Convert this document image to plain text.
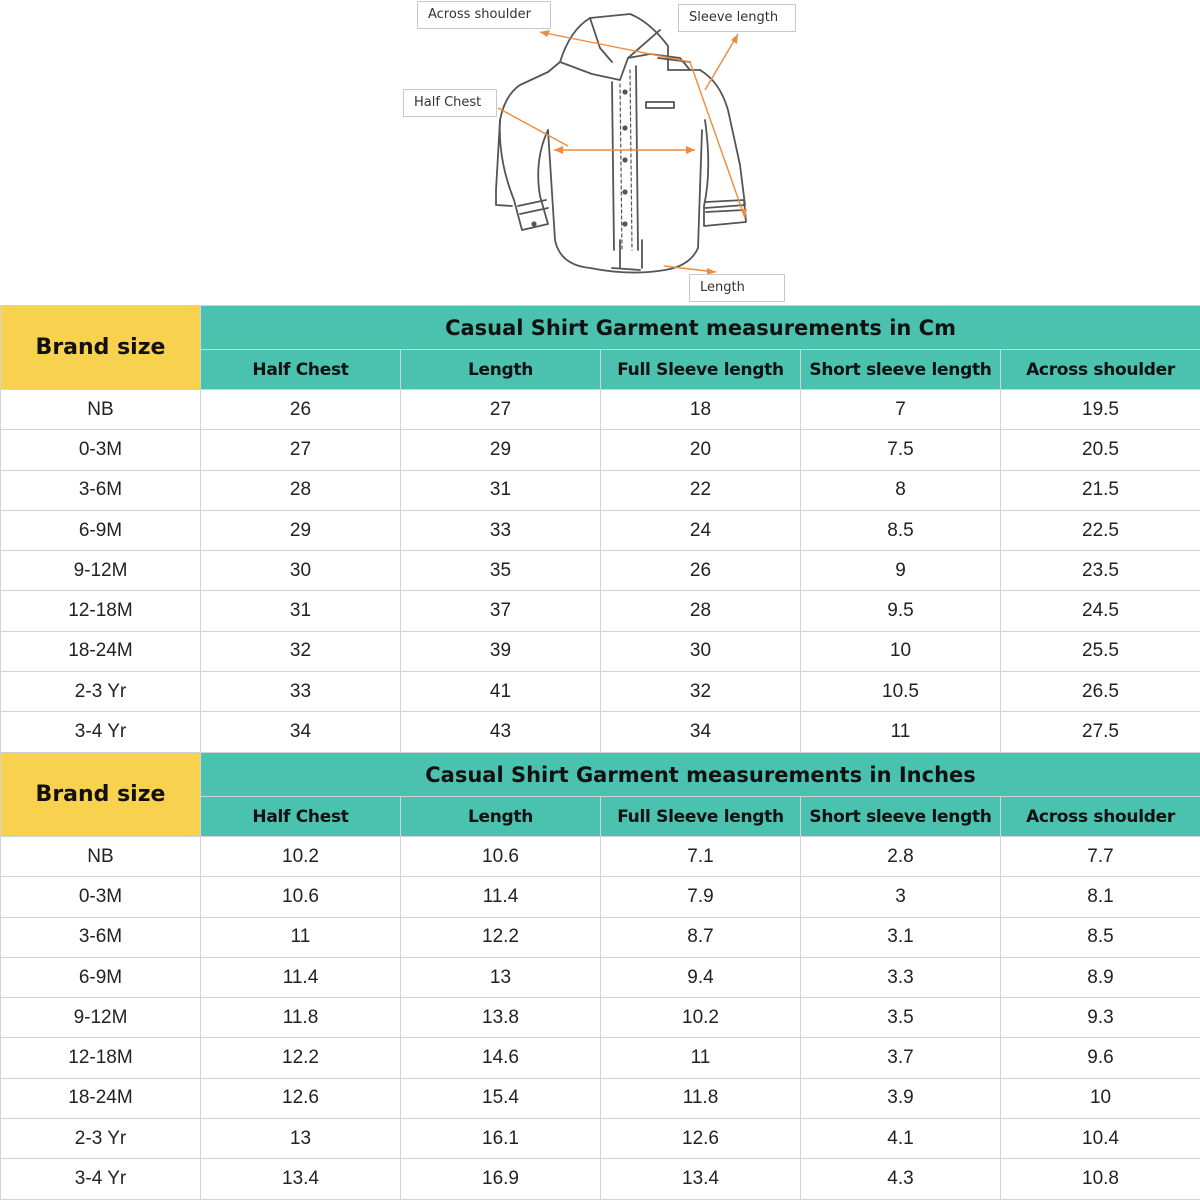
Across shoulder	Sleeve length
Half Chest
Length
Brand size	Casual Shirt Garment measurements in Cm				
	Half Chest	Length	Full Sleeve length	Short sleeve length	Across shoulder
NB	26	27	18	7	19.5
0-3M	27	29	20	7.5	20.5
3-6M	28	31	22	8	21.5
6-9M	29	33	24	8.5	22.5
9-12M	30	35	26	9	23.5
12-18M	31	37	28	9.5	24.5
18-24M	32	39	30	10	25.5
2-3 Yr	33	41	32	10.5	26.5
3-4 Yr	34	43	34	11	27.5
Brand size	Casual Shirt Garment measurements in Inches				
	Half Chest	Length	Full Sleeve length	Short sleeve length	Across shoulder
NB	10.2	10.6	7.1	2.8	7.7
0-3M	10.6	11.4	7.9	3	8.1
3-6M	11	12.2	8.7	3.1	8.5
6-9M	11.4	13	9.4	3.3	8.9
9-12M	11.8	13.8	10.2	3.5	9.3
12-18M	12.2	14.6	11	3.7	9.6
18-24M	12.6	15.4	11.8	3.9	10
2-3 Yr	13	16.1	12.6	4.1	10.4
3-4 Yr	13.4	16.9	13.4	4.3	10.8
